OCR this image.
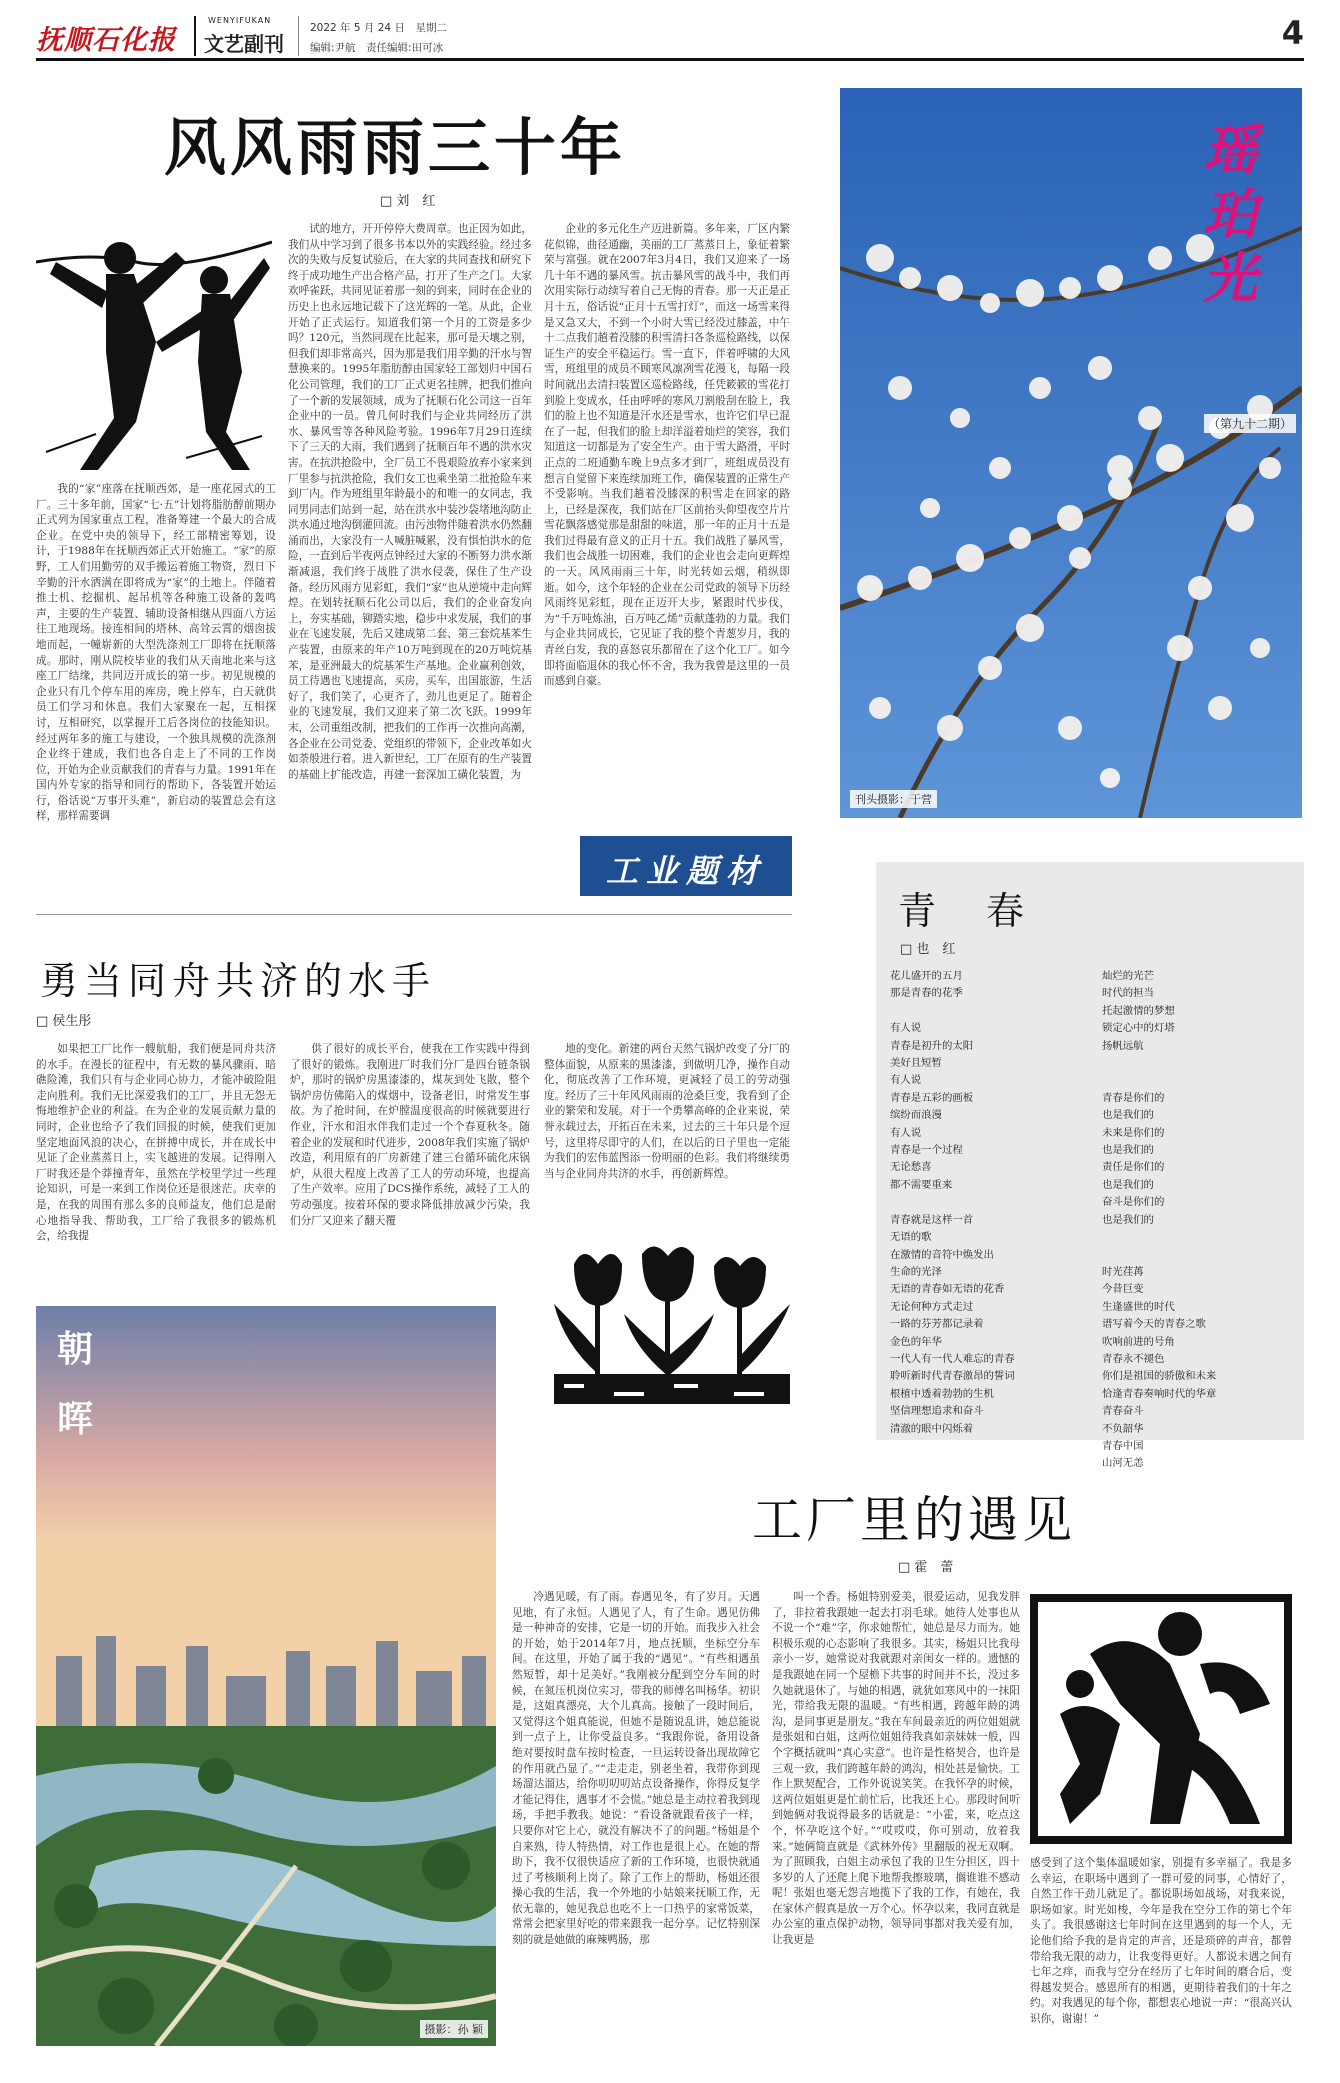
抚顺石化报
WENYIFUKAN
文艺副刊
2022 年 5 月 24 日　星期二
编辑:尹航　责任编辑:田可冰	4
风风雨雨三十年
□ 刘　红

我的“家”座落在抚顺西郊，是一座花园式的工厂。三十多年前，国家“七·五”计划将脂肪醇前期办正式列为国家重点工程，准备筹建一个最大的合成企业。在党中央的领导下，经工部精密筹划，设计，于1988年在抚顺西郊正式开始施工。“家”的原野，工人们用勤劳的双手搬运着施工物资，烈日下辛勤的汗水洒满在即将成为“家”的土地上。伴随着推土机、挖掘机、起吊机等各种施工设备的轰鸣声，主要的生产装置、辅助设备相继从四面八方运往工地现场。接连相间的塔林、高耸云霄的烟囱拔地而起，一幢崭新的大型洗涤剂工厂即将在抚顺落成。那时，刚从院校毕业的我们从天南地北来与这座工厂结缘，共同迈开成长的第一步。初见规模的企业只有几个停车用的库房，晚上停车，白天就供员工们学习和休息。我们大家聚在一起，互相探讨，互相研究，以掌握开工后各岗位的技能知识。经过两年多的施工与建设，一个独具规模的洗涤剂企业终于建成，我们也各自走上了不同的工作岗位，开始为企业贡献我们的青春与力量。1991年在国内外专家的指导和同行的帮助下，各装置开始运行，俗话说“万事开头难”，新启动的装置总会有这样，那样需要调

试的地方，开开停停大费周章。也正因为如此，我们从中学习到了很多书本以外的实践经验。经过多次的失败与反复试验后，在大家的共同查找和研究下终于成功地生产出合格产品，打开了生产之门。大家欢呼雀跃，共同见证着那一刻的到来，同时在企业的历史上也永远地记载下了这光辉的一笔。从此，企业开始了正式运行。知道我们第一个月的工资是多少吗？120元，当然同现在比起来，那可是天壤之别，但我们却非常高兴，因为那是我们用辛勤的汗水与智慧换来的。1995年脂肪醇由国家轻工部划归中国石化公司管理，我们的工厂正式更名挂牌，把我们推向了一个新的发展领域，成为了抚顺石化公司这一百年企业中的一员。曾几何时我们与企业共同经历了洪水、暴风雪等各种风险考验。1996年7月29日连续下了三天的大雨，我们遇到了抚顺百年不遇的洪水灾害。在抗洪抢险中，全厂员工不畏艰险放弃小家来到厂里参与抗洪抢险，我们女工也乘坐第二批抢险车来到厂内。作为班组里年龄最小的和唯一的女同志，我同男同志们站到一起，站在洪水中装沙袋堵地沟防止洪水通过地沟倒灌回流。由污浊物伴随着洪水仍然翻涌而出，大家没有一人喊脏喊累，没有惧怕洪水的危险，一直到后半夜两点钟经过大家的不断努力洪水渐渐减退，我们终于战胜了洪水侵袭，保住了生产设备。经历风雨方见彩虹，我们“家”也从逆境中走向辉煌。在划转抚顺石化公司以后，我们的企业奋发向上，夯实基础，铆踏实地，稳步中求发展，我们的事业在飞速发展，先后又建成第二套、第三套烷基苯生产装置，由原来的年产10万吨到现在的20万吨烷基苯，是亚洲最大的烷基苯生产基地。企业赢利创效，员工待遇也飞速提高，买房，买车，出国旅游，生活好了，我们笑了，心更齐了，劲儿也更足了。随着企业的飞速发展，我们又迎来了第二次飞跃。1999年末，公司重组改制，把我们的工作再一次推向高潮，各企业在公司党委、党组织的带领下，企业改革如火如荼般进行着。进入新世纪，工厂在原有的生产装置的基础上扩能改造，再建一套深加工磺化装置，为

企业的多元化生产迈进新篇。多年来，厂区内繁花似锦，曲径通幽，美丽的工厂蒸蒸日上，象征着繁荣与富强。就在2007年3月4日，我们又迎来了一场几十年不遇的暴风雪。抗击暴风雪的战斗中，我们再次用实际行动续写着自己无悔的青春。那一天正是正月十五，俗话说“正月十五雪打灯”，而这一场雪来得是又急又大，不到一个小时大雪已经没过膝盖，中午十二点我们趟着没膝的积雪清扫各条巡检路线，以保证生产的安全平稳运行。雪一直下，伴着呼啸的大风雪，班组里的成员不顾寒风凛冽雪花漫飞，每隔一段时间就出去清扫装置区巡检路线，任凭簌簌的雪花打到脸上变成水，任由呼呼的寒风刀割般刮在脸上，我们的脸上也不知道是汗水还是雪水，也许它们早已混在了一起，但我们的脸上却洋溢着灿烂的笑容，我们知道这一切都是为了安全生产。由于雪大路滑，平时正点的二班通勤车晚上9点多才到厂，班组成员没有想言自觉留下来连续加班工作，确保装置的正常生产不受影响。当我们趟着没膝深的积雪走在回家的路上，已经是深夜，我们站在厂区前抬头仰望夜空片片雪花飘落感觉那是甜甜的味道，那一年的正月十五是我们过得最有意义的正月十五。我们战胜了暴风雪，我们也会战胜一切困难，我们的企业也会走向更辉煌的一天。风风雨雨三十年，时光转如云烟，稍纵即逝。如今，这个年轻的企业在公司党政的领导下历经风雨终见彩虹，现在正迈开大步，紧跟时代步伐，为“千万吨炼油，百万吨乙烯”贡献蓬勃的力量。我们与企业共同成长，它见证了我的整个青葱岁月，我的青丝白发，我的喜怒哀乐都留在了这个化工厂。如今即将面临退休的我心怀不舍，我为我曾是这里的一员而感到自豪。

工业题材
瑶 珀 光
（第九十二期）
刊头摄影：于营
勇当同舟共济的水手
□ 侯生彤

如果把工厂比作一艘航船，我们便是同舟共济的水手。在漫长的征程中，有无数的暴风骤雨、暗礁险滩，我们只有与企业同心协力，才能冲破险阻走向胜利。我们无比深爱我们的工厂，并且无怨无悔地维护企业的利益。在为企业的发展贡献力量的同时，企业也给予了我们回报的时候，使我们更加坚定地面风浪的决心，在拼搏中成长，并在成长中见证了企业蒸蒸日上，实飞越进的发展。记得刚入厂时我还是个莽撞青年，虽然在学校里学过一些理论知识，可是一来到工作岗位还是很迷茫。庆幸的是，在我的周围有那么多的良师益友，他们总是耐心地指导我、帮助我，工厂给了我很多的锻炼机会，给我提

供了很好的成长平台，使我在工作实践中得到了很好的锻炼。我刚进厂时我们分厂是四台链条锅炉，那时的锅炉房黑漆漆的，煤灰到处飞散，整个锅炉房仿佛陷入的煤烟中，设备老旧，时常发生事故。为了抢时间，在炉膛温度很高的时候就要进行作业，汗水和泪水伴我们走过一个个春夏秋冬。随着企业的发展和时代进步，2008年我们实施了锅炉改造，利用原有的厂房新建了建三台循环硫化床锅炉，从很大程度上改善了工人的劳动环境，也提高了生产效率。应用了DCS操作系统，减轻了工人的劳动强度。按着环保的要求降低排放减少污染，我们分厂又迎来了翻天覆

地的变化。新建的两台天然气锅炉改变了分厂的整体面貌，从原来的黑漆漆，到做明几净，操作自动化，彻底改善了工作环境，更减轻了员工的劳动强度。经历了三十年风风雨雨的沧桑巨变，我看到了企业的繁荣和发展。对于一个勇攀高峰的企业来说，荣誉永载过去，开拓百在未来，过去的三十年只是个逗号，这里将尽即守的人们，在以后的日子里也一定能为我们的宏伟蓝图添一份明丽的色彩。我们将继续勇当与企业同舟共济的水手，再创新辉煌。

朝
晖
摄影：孙 颖
青　春
□ 也　红
花儿盛开的五月
那是青春的花季

有人说
青春是初升的太阳
美好且短暂
有人说
青春是五彩的画板
缤纷而浪漫
有人说
青春是一个过程
无论愁喜
都不需要重来

青春就是这样一首
无语的歌
在激情的音符中焕发出
生命的光泽
无语的青春如无语的花香
无论何种方式走过
一路的芬芳都记录着
金色的年华
一代人有一代人难忘的青春
聆听新时代青春激昂的誓词
根植中透着勃勃的生机
坚信理想追求和奋斗
清澈的眼中闪烁着
灿烂的光芒
时代的担当
托起激情的梦想
锁定心中的灯塔
扬帆远航

青春是你们的
也是我们的
未来是你们的
也是我们的
责任是你们的
也是我们的
奋斗是你们的
也是我们的

时光荏苒
今昔巨变
生逢盛世的时代
谱写着今天的青春之歌
吹响前进的号角
青春永不褪色
你们是祖国的骄傲和未来
恰逢青春奏响时代的华章
青春奋斗
不负韶华
青春中国
山河无恙
工厂里的遇见
□ 霍　蕾

冷遇见暖，有了雨。春遇见冬，有了岁月。天遇见地，有了永恒。人遇见了人，有了生命。遇见仿佛是一种神奇的安排，它是一切的开始。而我步入社会的开始，始于2014年7月，地点抚顺，坐标空分车间。在这里，开始了属于我的“遇见”。“有些相遇虽然短暂，却十足美好。”我刚被分配到空分车间的时候，在氮压机岗位实习，带我的师傅名叫杨华。初识是，这姐真漂亮，大个儿真高。接触了一段时间后，又觉得这个姐真能说，但她不是随说乱讲，她总能说到一点子上，让你受益良多。“我跟你说，备用设备绝对要按时盘车按时检查，一旦运转设备出现故障它的作用就凸显了。”“走走走，别老坐着，我带你到现场溜达溜达，给你叨叨叨站点设备操作，你得反复学才能记得住，遇事才不会慌。”她总是主动拉着我到现场，手把手教我。她说：“看设备就跟看孩子一样，只要你对它上心，就没有解决不了的问题。”杨姐是个自来熟，待人特热情，对工作也是很上心。在她的帮助下，我不仅很快适应了新的工作环境，也很快就通过了考核顺利上岗了。除了工作上的帮助，杨姐还很操心我的生活，我一个外地的小姑娘来抚顺工作，无依无靠的，她见我总也吃不上一口热乎的家常饭菜，常常会把家里好吃的带来跟我一起分享。记忆特别深刻的就是她做的麻辣鸭肠，那

叫一个香。杨姐特别爱美，很爱运动，见我发胖了，非拉着我跟她一起去打羽毛球。她待人处事也从不说一个“难”字，你求她帮忙，她总是尽力而为。她积极乐观的心态影响了我很多。其实，杨姐只比我母亲小一岁，她常说对我就跟对亲闺女一样的。遗憾的是我跟她在同一个屋檐下共事的时间并不长，没过多久她就退休了。与她的相遇，就犹如寒风中的一抹阳光，带给我无限的温暖。“有些相遇，跨越年龄的鸿沟，是同事更是朋友。”我在车间最亲近的两位姐姐就是张姐和白姐，这两位姐姐待我真如亲妹妹一般，四个字概括就叫“真心实意”。也许是性格契合，也许是三观一致，我们跨越年龄的鸿沟，相处甚是愉快。工作上默契配合，工作外说说笑笑。在我怀孕的时候，这两位姐姐更是忙前忙后，比我还上心。那段时间听到她俩对我说得最多的话就是：“小霍，来，吃点这个，怀孕吃这个好。”“哎哎哎，你可别动，放着我来。”她俩简直就是《武林外传》里翻版的祝无双啊。为了照顾我，白姐主动承包了我的卫生分担区，四十多岁的人了还爬上爬下地帮我擦玻璃，搁谁谁不感动呢！张姐也毫无怨言地揽下了我的工作，有她在，我在家休产假真是放一万个心。怀孕以来，我同直就是办公室的重点保护动物，领导同事都对我关爱有加，让我更是

感受到了这个集体温暖如家，别提有多幸福了。我是多么幸运，在职场中遇到了一群可爱的同事，心情好了，自然工作干劲儿就足了。都说职场如战场，对我来说，职场如家。时光如梭，今年是我在空分工作的第七个年头了。我很感谢这七年时间在这里遇到的每一个人，无论他们给予我的是肯定的声音，还是琐碎的声音，都曾带给我无限的动力，让我变得更好。人都说未遇之间有七年之痒，而我与空分在经历了七年时间的磨合后，变得越发契合。感恩所有的相遇，更期待着我们的十年之约。对我遇见的每个你，都想衷心地说一声：“很高兴认识你，谢谢！”
